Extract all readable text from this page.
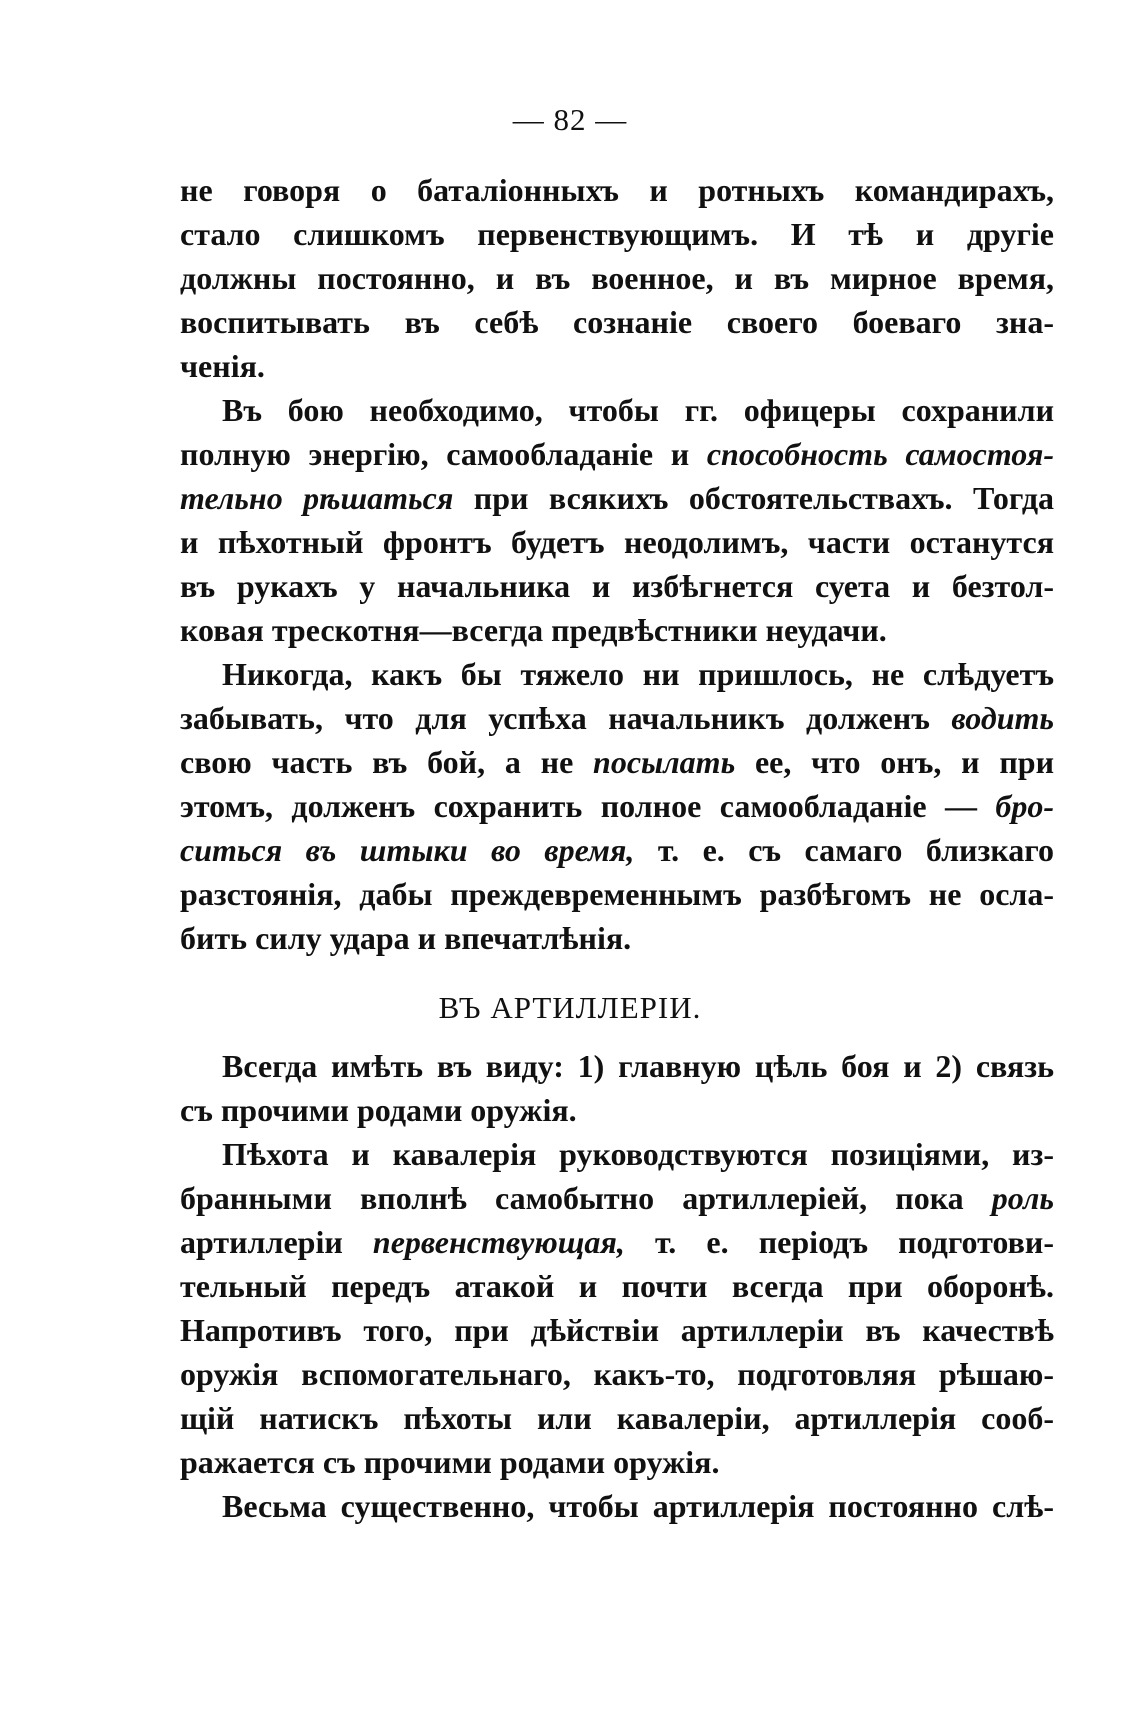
— 82 —
не говоря о баталіонныхъ и ротныхъ командирахъ,
стало слишкомъ первенствующимъ. И тѣ и другіе
должны постоянно, и въ военное, и въ мирное время,
воспитывать въ себѣ сознаніе своего боеваго зна-
ченія.
Въ бою необходимо, чтобы гг. офицеры сохранили
полную энергію, самообладаніе и способность самостоя-
тельно рѣшаться при всякихъ обстоятельствахъ. Тогда
и пѣхотный фронтъ будетъ неодолимъ, части останутся
въ рукахъ у начальника и избѣгнется суета и безтол-
ковая трескотня—всегда предвѣстники неудачи.
Никогда, какъ бы тяжело ни пришлось, не слѣдуетъ
забывать, что для успѣха начальникъ долженъ водить
свою часть въ бой, а не посылать ее, что онъ, и при
этомъ, долженъ сохранить полное самообладаніе — бро-
ситься въ штыки во время, т. е. съ самаго близкаго
разстоянія, дабы преждевременнымъ разбѣгомъ не осла-
бить силу удара и впечатлѣнія.
ВЪ АРТИЛЛЕРІИ.
Всегда имѣть въ виду: 1) главную цѣль боя и 2) связь
съ прочими родами оружія.
Пѣхота и кавалерія руководствуются позиціями, из-
бранными вполнѣ самобытно артиллеріей, пока роль
артиллеріи первенствующая, т. е. періодъ подготови-
тельный передъ атакой и почти всегда при оборонѣ.
Напротивъ того, при дѣйствіи артиллеріи въ качествѣ
оружія вспомогательнаго, какъ-то, подготовляя рѣшаю-
щій натискъ пѣхоты или кавалеріи, артиллерія сооб-
ражается съ прочими родами оружія.
Весьма существенно, чтобы артиллерія постоянно слѣ-
